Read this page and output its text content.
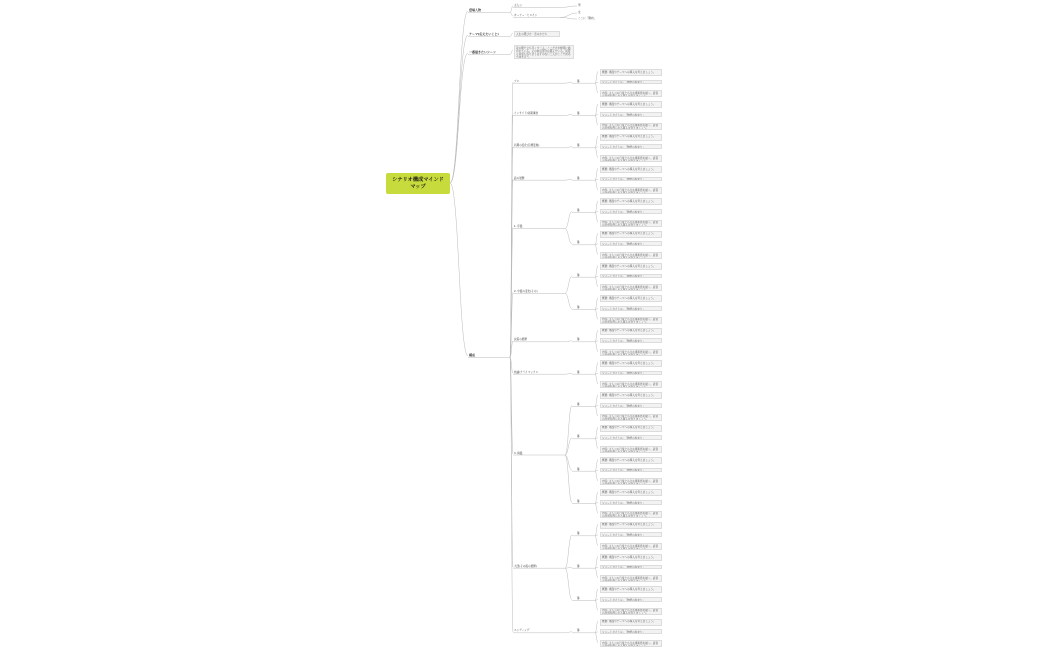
シナリオ構成マインド
マップ
登場人物
テーマ(伝えたいこと)
一番描きたいシーン
構成
主人公
オーナー・ヒロイン
男
女
ここに「陽向」
人生の選び方・恋のかたち
夜の駅で立ち尽くす二人。ここだけが鮮明に描かれている。その他の部分は霞んでいる。何度も何度も巡り会うはずのない二人がここで初めて向き合う
プロ	幕
概要: 場面やテーマへの導入を考えましょう。
ショートタイトル: 「物語の始まり」
内容: 主人公の日常と小さな違和感を描く。読者の共感を得られる導入を考えましょう。
インサイド/初期事態	幕
概要: 場面やテーマへの導入を考えましょう。
ショートタイトル: 「物語の始まり」
内容: 主人公の日常と小さな違和感を描く。読者の共感を得られる導入を考えましょう。
初期の変化(目標変換)	幕
概要: 場面やテーマへの導入を考えましょう。
ショートタイトル: 「物語の始まり」
内容: 主人公の日常と小さな違和感を描く。読者の共感を得られる導入を考えましょう。
話の展開	幕
概要: 場面やテーマへの導入を考えましょう。
ショートタイトル: 「物語の始まり」
内容: 主人公の日常と小さな違和感を描く。読者の共感を得られる導入を考えましょう。
1. 序盤
幕
概要: 場面やテーマへの導入を考えましょう。
ショートタイトル: 「物語の始まり」
内容: 主人公の日常と小さな違和感を描く。読者の共感を得られる導入を考えましょう。
幕
概要: 場面やテーマへの導入を考えましょう。
ショートタイトル: 「物語の始まり」
内容: 主人公の日常と小さな違和感を描く。読者の共感を得られる導入を考えましょう。
2. 中盤の変化(その)
幕
概要: 場面やテーマへの導入を考えましょう。
ショートタイトル: 「物語の始まり」
内容: 主人公の日常と小さな違和感を描く。読者の共感を得られる導入を考えましょう。
幕
概要: 場面やテーマへの導入を考えましょう。
ショートタイトル: 「物語の始まり」
内容: 主人公の日常と小さな違和感を描く。読者の共感を得られる導入を考えましょう。
決着の展開	幕
概要: 場面やテーマへの導入を考えましょう。
ショートタイトル: 「物語の始まり」
内容: 主人公の日常と小さな違和感を描く。読者の共感を得られる導入を考えましょう。
結論/クライマックス	幕
概要: 場面やテーマへの導入を考えましょう。
ショートタイトル: 「物語の始まり」
内容: 主人公の日常と小さな違和感を描く。読者の共感を得られる導入を考えましょう。
3. 終盤
幕
概要: 場面やテーマへの導入を考えましょう。
ショートタイトル: 「物語の始まり」
内容: 主人公の日常と小さな違和感を描く。読者の共感を得られる導入を考えましょう。
幕
概要: 場面やテーマへの導入を考えましょう。
ショートタイトル: 「物語の始まり」
内容: 主人公の日常と小さな違和感を描く。読者の共感を得られる導入を考えましょう。
幕
概要: 場面やテーマへの導入を考えましょう。
ショートタイトル: 「物語の始まり」
内容: 主人公の日常と小さな違和感を描く。読者の共感を得られる導入を考えましょう。
幕
概要: 場面やテーマへの導入を考えましょう。
ショートタイトル: 「物語の始まり」
内容: 主人公の日常と小さな違和感を描く。読者の共感を得られる導入を考えましょう。
大団(その後の展開)
幕
概要: 場面やテーマへの導入を考えましょう。
ショートタイトル: 「物語の始まり」
内容: 主人公の日常と小さな違和感を描く。読者の共感を得られる導入を考えましょう。
幕
概要: 場面やテーマへの導入を考えましょう。
ショートタイトル: 「物語の始まり」
内容: 主人公の日常と小さな違和感を描く。読者の共感を得られる導入を考えましょう。
幕
概要: 場面やテーマへの導入を考えましょう。
ショートタイトル: 「物語の始まり」
内容: 主人公の日常と小さな違和感を描く。読者の共感を得られる導入を考えましょう。
エンディング	幕
概要: 場面やテーマへの導入を考えましょう。
ショートタイトル: 「物語の始まり」
内容: 主人公の日常と小さな違和感を描く。読者の共感を得られる導入を考えましょう。
